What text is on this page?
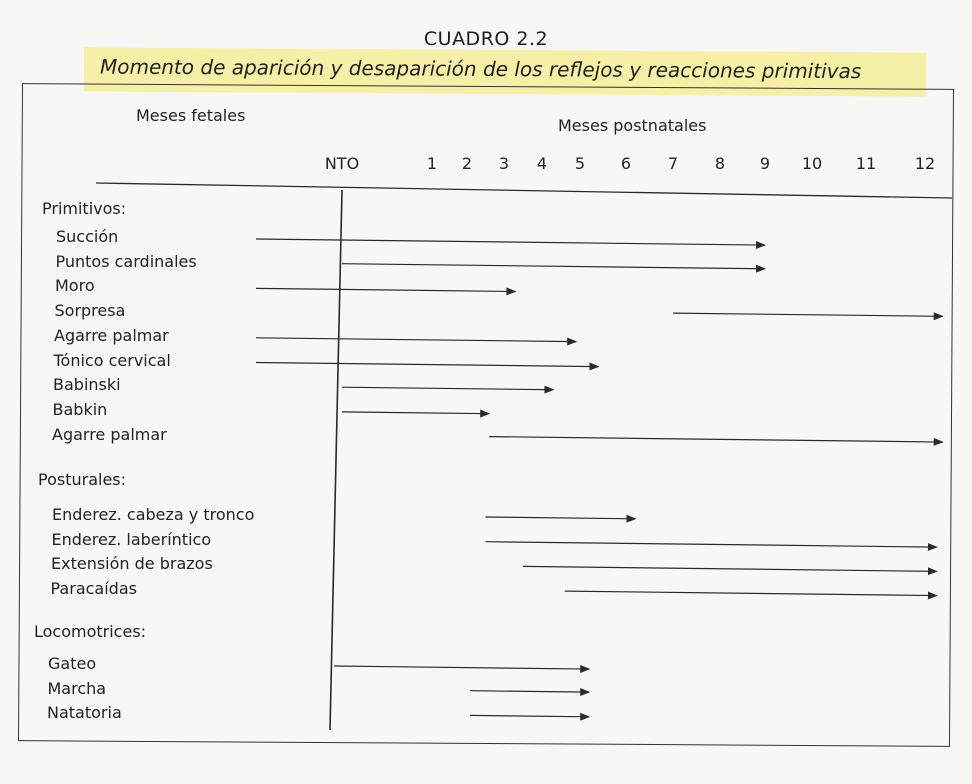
CUADRO 2.2
Momento de aparición y desaparición de los reflejos y reacciones primitivas
Meses fetales
Meses postnatales
NTO	1 2 3 4 5 6 7 8 9 10 11 12
Primitivos:
Succión
Puntos cardinales
Moro
Sorpresa
Agarre palmar
Tónico cervical
Babinski
Babkin
Agarre palmar
Posturales:
Enderez. cabeza y tronco
Enderez. laberíntico
Extensión de brazos
Paracaídas
Locomotrices:
Gateo
Marcha
Natatoria
